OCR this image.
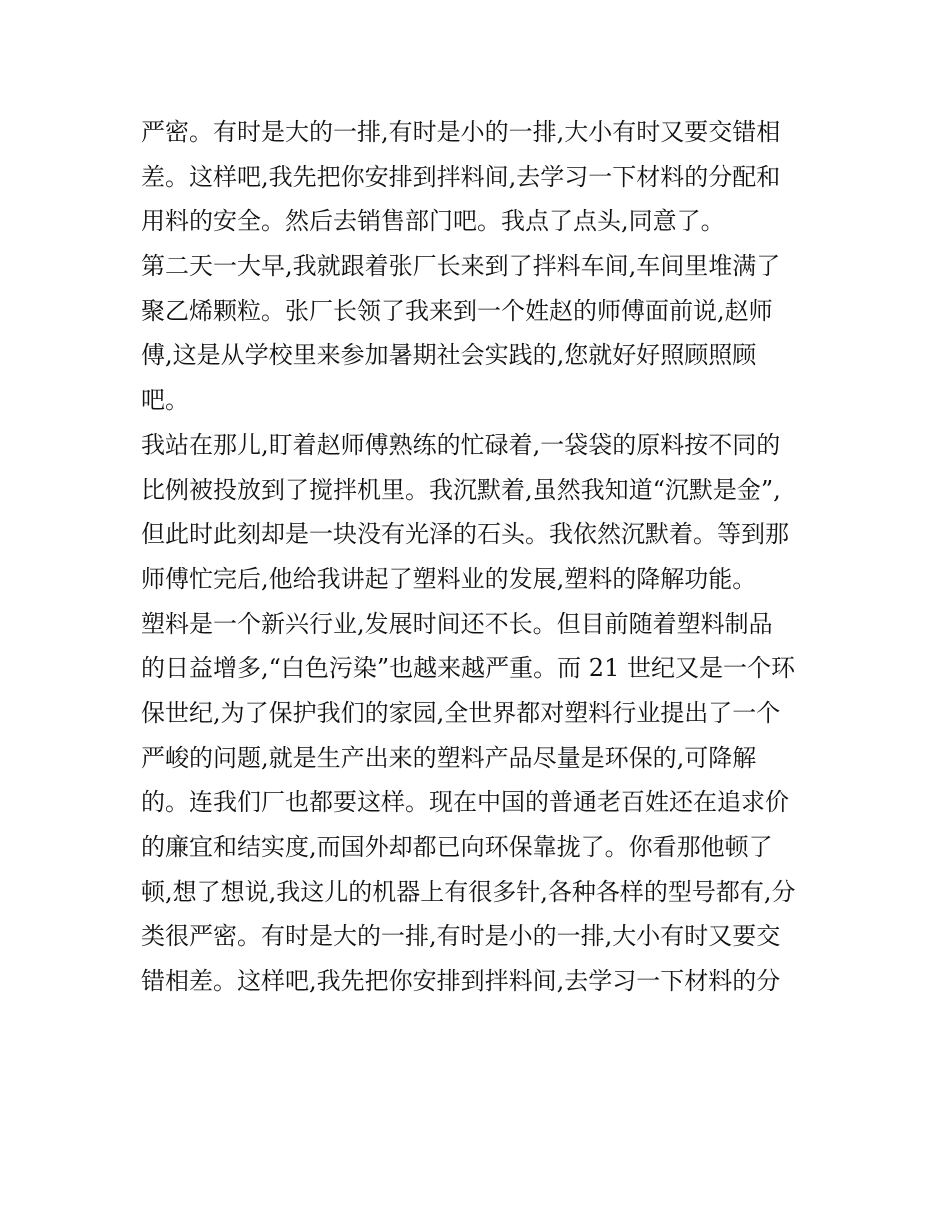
严密。有时是大的一排,有时是小的一排,大小有时又要交错相
差。这样吧,我先把你安排到拌料间,去学习一下材料的分配和
用料的安全。然后去销售部门吧。我点了点头,同意了。
第二天一大早,我就跟着张厂长来到了拌料车间,车间里堆满了
聚乙烯颗粒。张厂长领了我来到一个姓赵的师傅面前说,赵师
傅,这是从学校里来参加暑期社会实践的,您就好好照顾照顾
吧。
我站在那儿,盯着赵师傅熟练的忙碌着,一袋袋的原料按不同的
比例被投放到了搅拌机里。我沉默着,虽然我知道“沉默是金”,
但此时此刻却是一块没有光泽的石头。我依然沉默着。等到那
师傅忙完后,他给我讲起了塑料业的发展,塑料的降解功能。
塑料是一个新兴行业,发展时间还不长。但目前随着塑料制品
的日益增多,“白色污染”也越来越严重。而 21 世纪又是一个环
保世纪,为了保护我们的家园,全世界都对塑料行业提出了一个
严峻的问题,就是生产出来的塑料产品尽量是环保的,可降解
的。连我们厂也都要这样。现在中国的普通老百姓还在追求价
的廉宜和结实度,而国外却都已向环保靠拢了。你看那他顿了
顿,想了想说,我这儿的机器上有很多针,各种各样的型号都有,分
类很严密。有时是大的一排,有时是小的一排,大小有时又要交
错相差。这样吧,我先把你安排到拌料间,去学习一下材料的分
